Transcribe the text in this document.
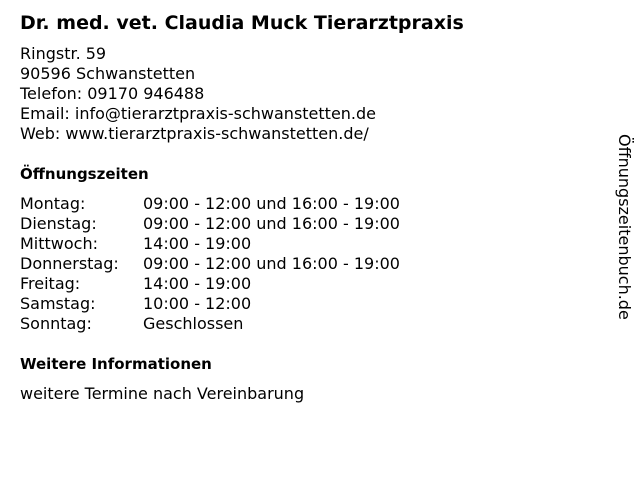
Dr. med. vet. Claudia Muck Tierarztpraxis
Ringstr. 59
90596 Schwanstetten
Telefon: 09170 946488
Email: info@tierarztpraxis-schwanstetten.de
Web: www.tierarztpraxis-schwanstetten.de/
Öffnungszeiten
Montag:	09:00 - 12:00 und 16:00 - 19:00
Dienstag:	09:00 - 12:00 und 16:00 - 19:00
Mittwoch:	14:00 - 19:00
Donnerstag:	09:00 - 12:00 und 16:00 - 19:00
Freitag:	14:00 - 19:00
Samstag:	10:00 - 12:00
Sonntag:	Geschlossen
Weitere Informationen
weitere Termine nach Vereinbarung
Öffnungszeitenbuch.de
